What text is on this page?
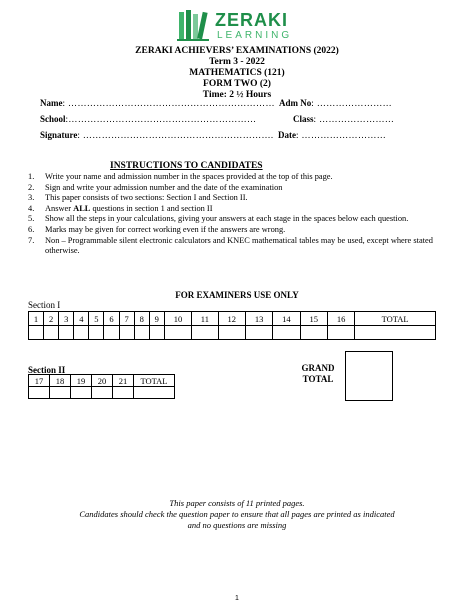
ZERAKI
LEARNING
ZERAKI ACHIEVERS’ EXAMINATIONS (2022)
Term 3 - 2022
MATHEMATICS (121)
FORM TWO (2)
Time: 2 ½ Hours
Name: ………………………………………………………… Adm No: ……………………
School:……………………………………………………	Class: ……………………
Signature: ……………………………………………………. Date: ………………………
INSTRUCTIONS TO CANDIDATES
1. Write your name and admission number in the spaces provided at the top of this page.
2. Sign and write your admission number and the date of the examination
3. This paper consists of two sections: Section I and Section II.
4. Answer ALL questions in section 1 and section II
5. Show all the steps in your calculations, giving your answers at each stage in the spaces below each question.
6. Marks may be given for correct working even if the answers are wrong.
7. Non – Programmable silent electronic calculators and KNEC mathematical tables may be used, except where stated otherwise.
FOR EXAMINERS USE ONLY
Section I
1	2	3	4	5	6	7	8	9	10	11	12	13	14	15	16	TOTAL

Section II
17	18	19	20	21	TOTAL

GRAND
TOTAL
This paper consists of 11 printed pages.
Candidates should check the question paper to ensure that all pages are printed as indicated
and no questions are missing
1
